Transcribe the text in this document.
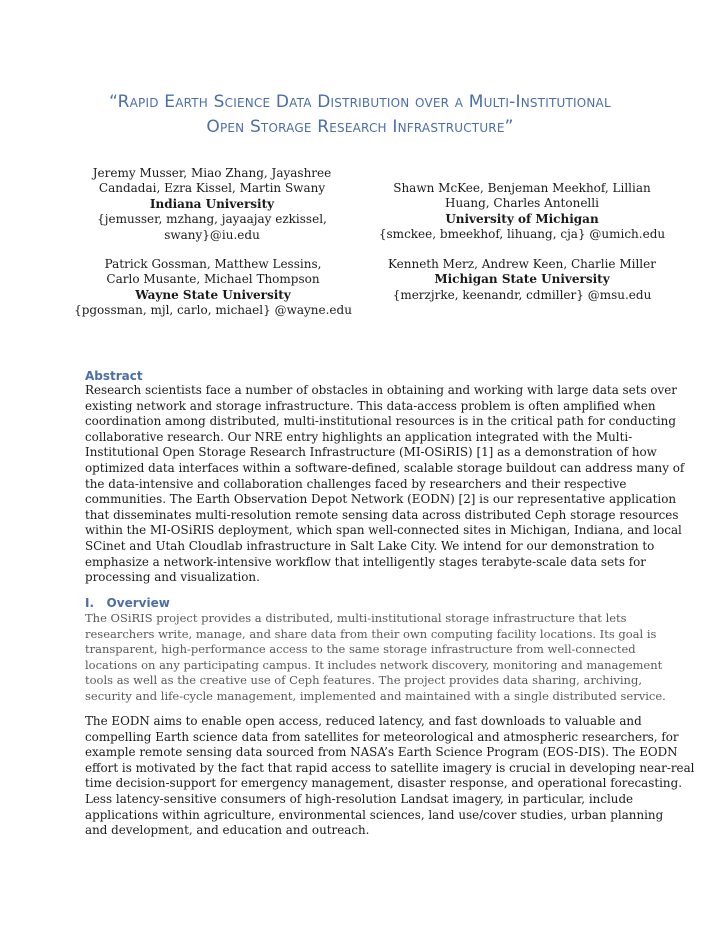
“Rapid Earth Science Data Distribution over a Multi-Institutional
Open Storage Research Infrastructure”
Jeremy Musser, Miao Zhang, Jayashree
Candadai, Ezra Kissel, Martin Swany
Indiana University
{jemusser, mzhang, jayaajay ezkissel,
swany}@iu.edu
Shawn McKee, Benjeman Meekhof, Lillian
Huang, Charles Antonelli
University of Michigan
{smckee, bmeekhof, lihuang, cja} @umich.edu
Patrick Gossman, Matthew Lessins,
Carlo Musante, Michael Thompson
Wayne State University
{pgossman, mjl, carlo, michael} @wayne.edu
Kenneth Merz, Andrew Keen, Charlie Miller
Michigan State University
{merzjrke, keenandr, cdmiller} @msu.edu
Abstract
Research scientists face a number of obstacles in obtaining and working with large data sets over
existing network and storage infrastructure. This data-access problem is often amplified when
coordination among distributed, multi-institutional resources is in the critical path for conducting
collaborative research. Our NRE entry highlights an application integrated with the Multi-
Institutional Open Storage Research Infrastructure (MI-OSiRIS) [1] as a demonstration of how
optimized data interfaces within a software-defined, scalable storage buildout can address many of
the data-intensive and collaboration challenges faced by researchers and their respective
communities. The Earth Observation Depot Network (EODN) [2] is our representative application
that disseminates multi-resolution remote sensing data across distributed Ceph storage resources
within the MI-OSiRIS deployment, which span well-connected sites in Michigan, Indiana, and local
SCinet and Utah Cloudlab infrastructure in Salt Lake City. We intend for our demonstration to
emphasize a network-intensive workflow that intelligently stages terabyte-scale data sets for
processing and visualization.
I.   Overview
The OSiRIS project provides a distributed, multi-institutional storage infrastructure that lets
researchers write, manage, and share data from their own computing facility locations. Its goal is
transparent, high-performance access to the same storage infrastructure from well-connected
locations on any participating campus. It includes network discovery, monitoring and management
tools as well as the creative use of Ceph features. The project provides data sharing, archiving,
security and life-cycle management, implemented and maintained with a single distributed service.
The EODN aims to enable open access, reduced latency, and fast downloads to valuable and
compelling Earth science data from satellites for meteorological and atmospheric researchers, for
example remote sensing data sourced from NASA’s Earth Science Program (EOS-DIS). The EODN
effort is motivated by the fact that rapid access to satellite imagery is crucial in developing near-real
time decision-support for emergency management, disaster response, and operational forecasting.
Less latency-sensitive consumers of high-resolution Landsat imagery, in particular, include
applications within agriculture, environmental sciences, land use/cover studies, urban planning
and development, and education and outreach.
